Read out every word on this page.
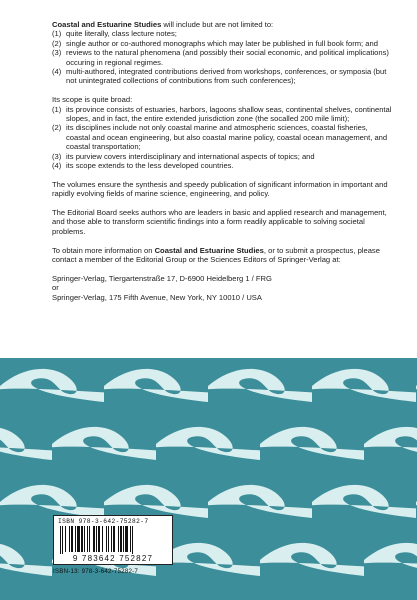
Coastal and Estuarine Studies will include but are not limited to:

(1) quite literally, class lecture notes;
(2) single author or co-authored monographs which may later be published in full book form; and
(3) reviews to the natural phenomena (and possibly their social economic, and political implications) occuring in regional regimes.
(4) multi-authored, integrated contributions derived from workshops, conferences, or symposia (but not unintegrated collections of contributions from such conferences);

Its scope is quite broad:

(1) its province consists of estuaries, harbors, lagoons shallow seas, continental shelves, continental slopes, and in fact, the entire extended jurisdiction zone (the socalled 200 mile limit);
(2) its disciplines include not only coastal marine and atmospheric sciences, coastal fisheries, coastal and ocean engineering, but also coastal marine policy, coastal ocean management, and coastal transportation;
(3) its purview covers interdisciplinary and international aspects of topics; and
(4) its scope extends to the less developed countries.

The volumes ensure the synthesis and speedy publication of significant information in important and rapidly evolving fields of marine science, engineering, and policy.

The Editorial Board seeks authors who are leaders in basic and applied research and management, and those able to transform scientific findings into a form readily applicable to solving societal problems.

To obtain more information on Coastal and Estuarine Studies, or to submit a prospectus, please contact a member of the Editorial Group or the Sciences Editors of Springer-Verlag at:

Springer-Verlag, Tiergartenstraße 17, D-6900 Heidelberg 1 / FRG

or

Springer-Verlag, 175 Fifth Avenue, New York, NY 10010 / USA

ISBN 978-3-642-75282-7
9 783642 752827
ISBN-13: 978-3-642-75282-7
